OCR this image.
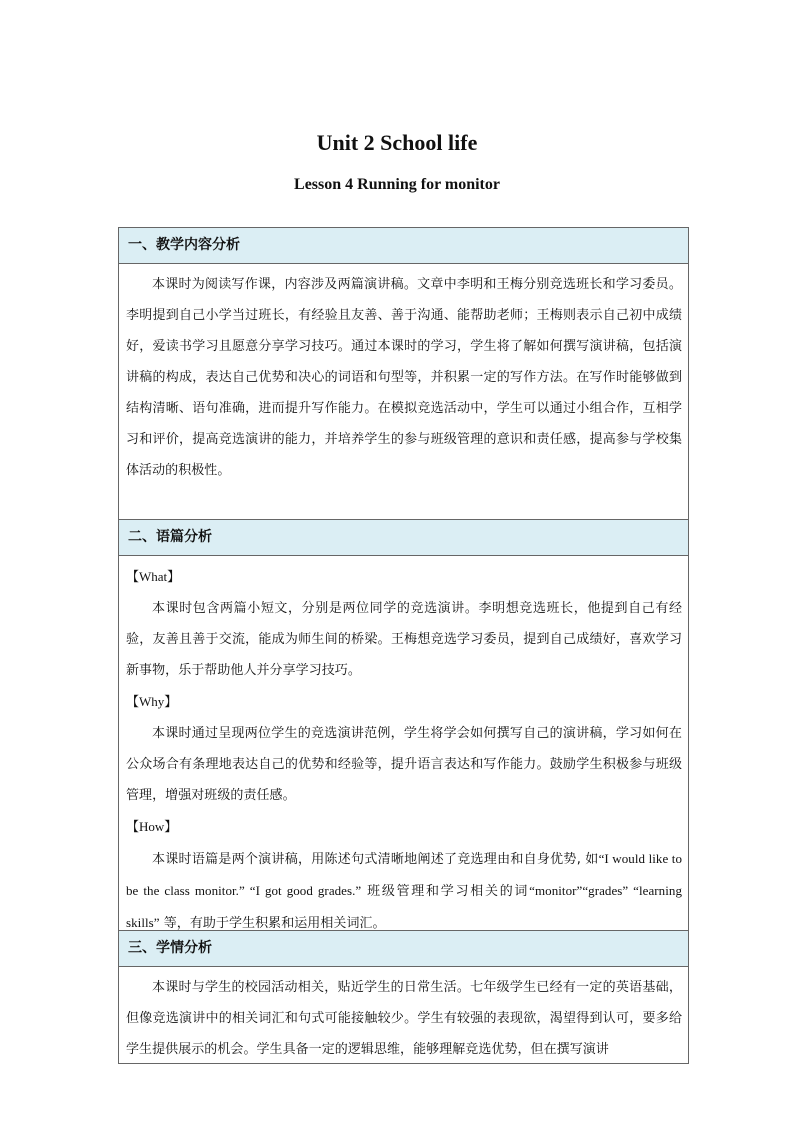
Unit 2 School life
Lesson 4 Running for monitor
一、教学内容分析

本课时为阅读写作课，内容涉及两篇演讲稿。文章中李明和王梅分别竞选班长和学习委员。李明提到自己小学当过班长，有经验且友善、善于沟通、能帮助老师；王梅则表示自己初中成绩好，爱读书学习且愿意分享学习技巧。通过本课时的学习，学生将了解如何撰写演讲稿，包括演讲稿的构成，表达自己优势和决心的词语和句型等，并积累一定的写作方法。在写作时能够做到结构清晰、语句准确，进而提升写作能力。在模拟竞选活动中，学生可以通过小组合作，互相学习和评价，提高竞选演讲的能力，并培养学生的参与班级管理的意识和责任感，提高参与学校集体活动的积极性。

二、语篇分析

【What】

本课时包含两篇小短文，分别是两位同学的竞选演讲。李明想竞选班长，他提到自己有经验，友善且善于交流，能成为师生间的桥梁。王梅想竞选学习委员，提到自己成绩好，喜欢学习新事物，乐于帮助他人并分享学习技巧。

【Why】

本课时通过呈现两位学生的竞选演讲范例，学生将学会如何撰写自己的演讲稿，学习如何在公众场合有条理地表达自己的优势和经验等，提升语言表达和写作能力。鼓励学生积极参与班级管理，增强对班级的责任感。

【How】

本课时语篇是两个演讲稿，用陈述句式清晰地阐述了竞选理由和自身优势, 如“I would like to be the class monitor.” “I got good grades.” 班级管理和学习相关的词“monitor”“grades” “learning skills” 等，有助于学生积累和运用相关词汇。

三、学情分析

本课时与学生的校园活动相关，贴近学生的日常生活。七年级学生已经有一定的英语基础，但像竞选演讲中的相关词汇和句式可能接触较少。学生有较强的表现欲，渴望得到认可，要多给学生提供展示的机会。学生具备一定的逻辑思维，能够理解竞选优势，但在撰写演讲
